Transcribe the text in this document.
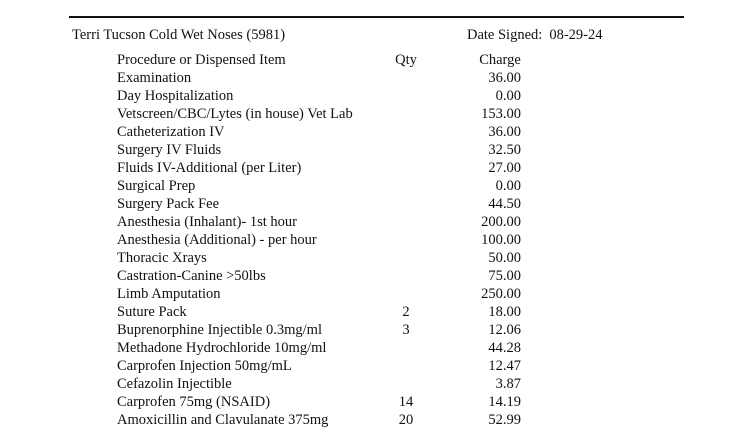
Terri Tucson Cold Wet Noses (5981)	Date Signed: 08-29-24
Procedure or Dispensed Item	Qty	Charge
Examination	36.00
Day Hospitalization	0.00
Vetscreen/CBC/Lytes (in house) Vet Lab	153.00
Catheterization IV	36.00
Surgery IV Fluids	32.50
Fluids IV-Additional (per Liter)	27.00
Surgical Prep	0.00
Surgery Pack Fee	44.50
Anesthesia (Inhalant)- 1st hour	200.00
Anesthesia (Additional) - per hour	100.00
Thoracic Xrays	50.00
Castration-Canine >50lbs	75.00
Limb Amputation	250.00
Suture Pack	2	18.00
Buprenorphine Injectible 0.3mg/ml	3	12.06
Methadone Hydrochloride 10mg/ml	44.28
Carprofen Injection 50mg/mL	12.47
Cefazolin Injectible	3.87
Carprofen 75mg (NSAID)	14	14.19
Amoxicillin and Clavulanate 375mg	20	52.99
